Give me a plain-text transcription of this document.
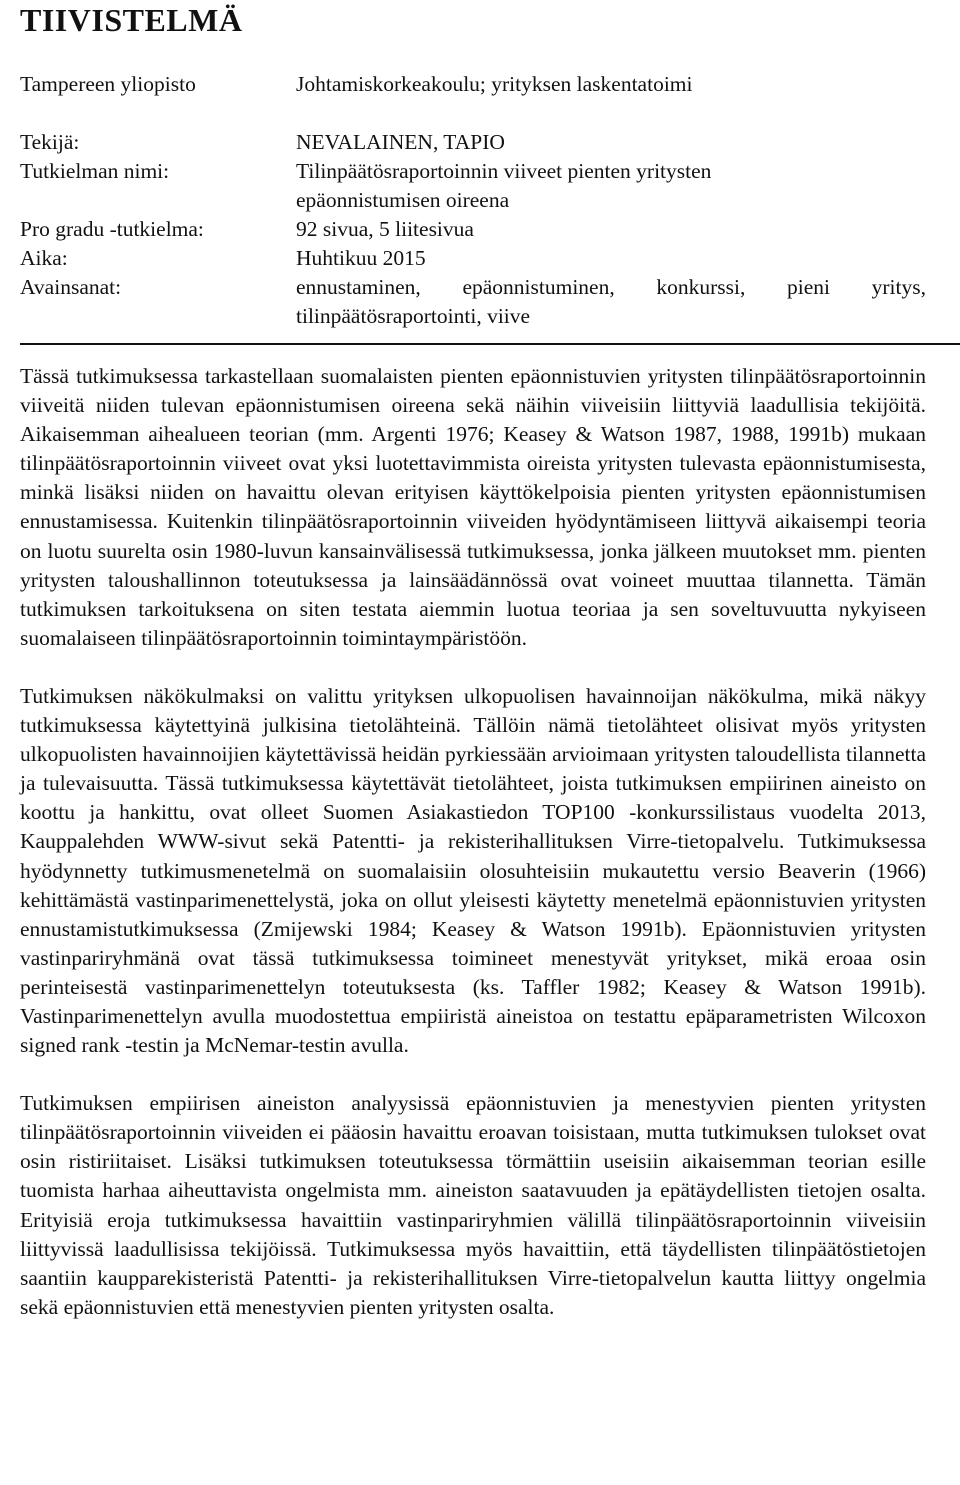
TIIVISTELMÄ
Tampereen yliopisto	Johtamiskorkeakoulu; yrityksen laskentatoimi
Tekijä:	NEVALAINEN, TAPIO
Tutkielman nimi:	Tilinpäätösraportoinnin viiveet pienten yritysten
epäonnistumisen oireena
Pro gradu -tutkielma:	92 sivua, 5 liitesivua
Aika:	Huhtikuu 2015
Avainsanat:	ennustaminen, epäonnistuminen, konkurssi, pieni yritys,
tilinpäätösraportointi, viive

Tässä tutkimuksessa tarkastellaan suomalaisten pienten epäonnistuvien yritysten tilinpäätösraportoinnin viiveitä niiden tulevan epäonnistumisen oireena sekä näihin viiveisiin liittyviä laadullisia tekijöitä. Aikaisemman aihealueen teorian (mm. Argenti 1976; Keasey & Watson 1987, 1988, 1991b) mukaan tilinpäätösraportoinnin viiveet ovat yksi luotettavimmista oireista yritysten tulevasta epäonnistumisesta, minkä lisäksi niiden on havaittu olevan erityisen käyttökelpoisia pienten yritysten epäonnistumisen ennustamisessa. Kuitenkin tilinpäätösraportoinnin viiveiden hyödyntämiseen liittyvä aikaisempi teoria on luotu suurelta osin 1980-luvun kansainvälisessä tutkimuksessa, jonka jälkeen muutokset mm. pienten yritysten taloushallinnon toteutuksessa ja lainsäädännössä ovat voineet muuttaa tilannetta. Tämän tutkimuksen tarkoituksena on siten testata aiemmin luotua teoriaa ja sen soveltuvuutta nykyiseen suomalaiseen tilinpäätösraportoinnin toimintaympäristöön.

Tutkimuksen näkökulmaksi on valittu yrityksen ulkopuolisen havainnoijan näkökulma, mikä näkyy tutkimuksessa käytettyinä julkisina tietolähteinä. Tällöin nämä tietolähteet olisivat myös yritysten ulkopuolisten havainnoijien käytettävissä heidän pyrkiessään arvioimaan yritysten taloudellista tilannetta ja tulevaisuutta. Tässä tutkimuksessa käytettävät tietolähteet, joista tutkimuksen empiirinen aineisto on koottu ja hankittu, ovat olleet Suomen Asiakastiedon TOP100 -konkurssilistaus vuodelta 2013, Kauppalehden WWW-sivut sekä Patentti- ja rekisterihallituksen Virre-tietopalvelu. Tutkimuksessa hyödynnetty tutkimusmenetelmä on suomalaisiin olosuhteisiin mukautettu versio Beaverin (1966) kehittämästä vastinparimenettelystä, joka on ollut yleisesti käytetty menetelmä epäonnistuvien yritysten ennustamistutkimuksessa (Zmijewski 1984; Keasey & Watson 1991b). Epäonnistuvien yritysten vastinpariryhmänä ovat tässä tutkimuksessa toimineet menestyvät yritykset, mikä eroaa osin perinteisestä vastinparimenettelyn toteutuksesta (ks. Taffler 1982; Keasey & Watson 1991b). Vastinparimenettelyn avulla muodostettua empiiristä aineistoa on testattu epäparametristen Wilcoxon signed rank -testin ja McNemar-testin avulla.

Tutkimuksen empiirisen aineiston analyysissä epäonnistuvien ja menestyvien pienten yritysten tilinpäätösraportoinnin viiveiden ei pääosin havaittu eroavan toisistaan, mutta tutkimuksen tulokset ovat osin ristiriitaiset. Lisäksi tutkimuksen toteutuksessa törmättiin useisiin aikaisemman teorian esille tuomista harhaa aiheuttavista ongelmista mm. aineiston saatavuuden ja epätäydellisten tietojen osalta. Erityisiä eroja tutkimuksessa havaittiin vastinpariryhmien välillä tilinpäätösraportoinnin viiveisiin liittyvissä laadullisissa tekijöissä. Tutkimuksessa myös havaittiin, että täydellisten tilinpäätöstietojen saantiin kaupparekisteristä Patentti- ja rekisterihallituksen Virre-tietopalvelun kautta liittyy ongelmia sekä epäonnistuvien että menestyvien pienten yritysten osalta.
